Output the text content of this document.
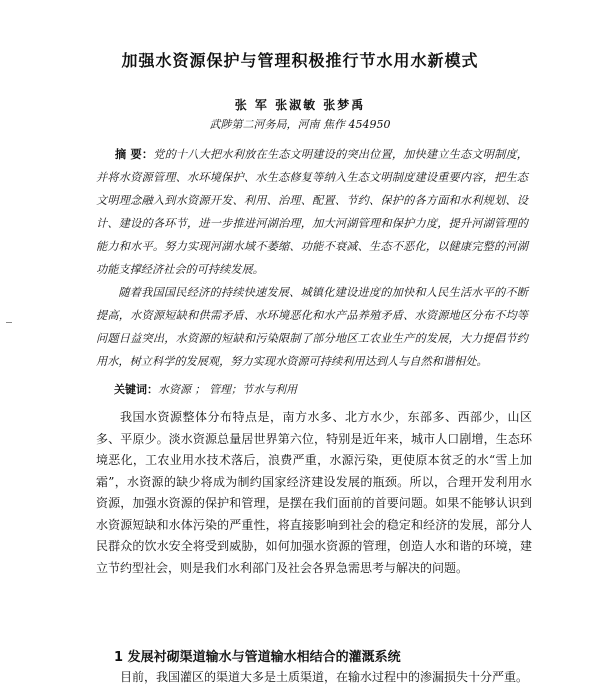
加强水资源保护与管理积极推行节水用水新模式
张 军 张淑敏 张梦禹
武陟第二河务局，河南 焦作 454950

摘 要：党的十八大把水利放在生态文明建设的突出位置，加快建立生态文明制度，并将水资源管理、水环境保护、水生态修复等纳入生态文明制度建设重要内容，把生态文明理念融入到水资源开发、利用、治理、配置、节约、保护的各方面和水利规划、设计、建设的各环节，进一步推进河湖治理，加大河湖管理和保护力度，提升河湖管理的能力和水平。努力实现河湖水域不萎缩、功能不衰减、生态不恶化，以健康完整的河湖功能支撑经济社会的可持续发展。

随着我国国民经济的持续快速发展、城镇化建设进度的加快和人民生活水平的不断提高，水资源短缺和供需矛盾、水环境恶化和水产品养殖矛盾、水资源地区分布不均等问题日益突出，水资源的短缺和污染限制了部分地区工农业生产的发展，大力提倡节约用水，树立科学的发展观，努力实现水资源可持续利用达到人与自然和谐相处。

关键词：水资源 ； 管理；节水与利用

我国水资源整体分布特点是，南方水多、北方水少，东部多、西部少，山区多、平原少。淡水资源总量居世界第六位，特别是近年来，城市人口剧增，生态环境恶化，工农业用水技术落后，浪费严重，水源污染，更使原本贫乏的水“雪上加霜”，水资源的缺少将成为制约国家经济建设发展的瓶颈。所以，合理开发利用水资源，加强水资源的保护和管理，是摆在我们面前的首要问题。如果不能够认识到水资源短缺和水体污染的严重性，将直接影响到社会的稳定和经济的发展，部分人民群众的饮水安全将受到威胁，如何加强水资源的管理，创造人水和谐的环境，建立节约型社会，则是我们水利部门及社会各界急需思考与解决的问题。

1 发展衬砌渠道输水与管道输水相结合的灌溉系统

目前，我国灌区的渠道大多是土质渠道，在输水过程中的渗漏损失十分严重。
